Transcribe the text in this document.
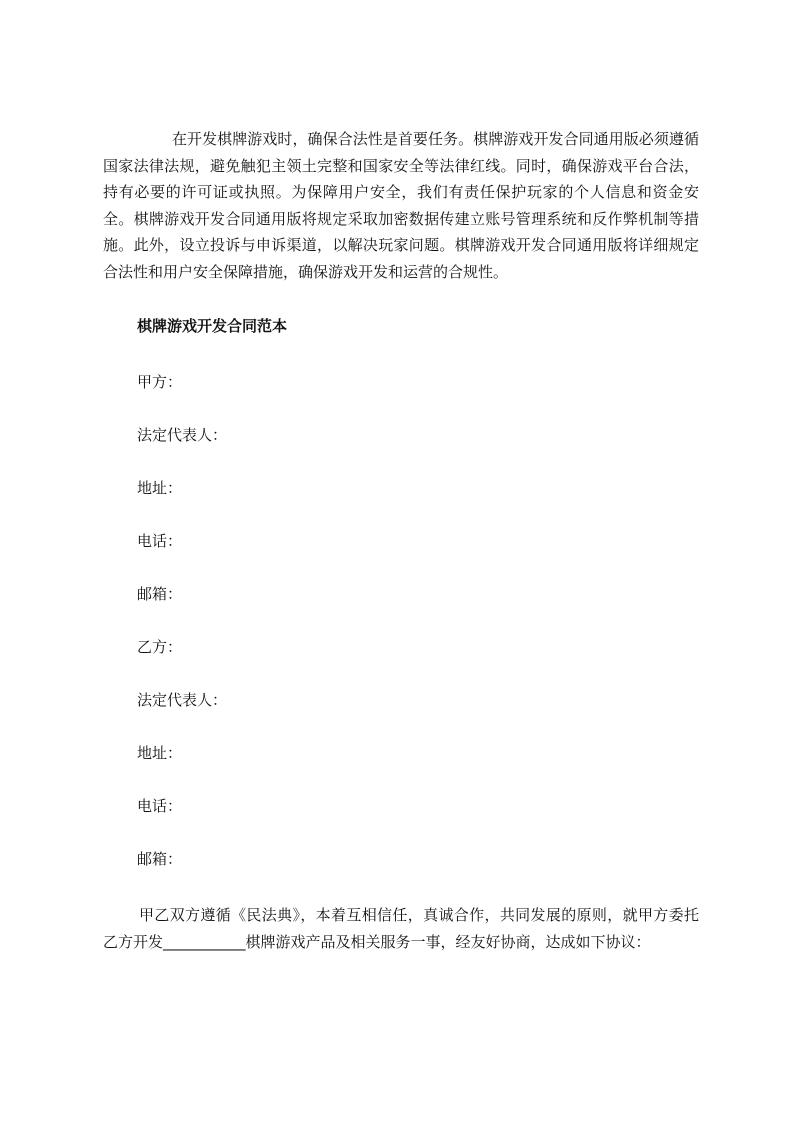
在开发棋牌游戏时，确保合法性是首要任务。棋牌游戏开发合同通用版必须遵循国家法律法规，避免触犯主领土完整和国家安全等法律红线。同时，确保游戏平台合法，持有必要的许可证或执照。为保障用户安全，我们有责任保护玩家的个人信息和资金安全。棋牌游戏开发合同通用版将规定采取加密数据传建立账号管理系统和反作弊机制等措施。此外，设立投诉与申诉渠道，以解决玩家问题。棋牌游戏开发合同通用版将详细规定合法性和用户安全保障措施，确保游戏开发和运营的合规性。

棋牌游戏开发合同范本

甲方：

法定代表人：

地址：

电话：

邮箱：

乙方：

法定代表人：

地址：

电话：

邮箱：

甲乙双方遵循《民法典》，本着互相信任，真诚合作，共同发展的原则，就甲方委托乙方开发___________棋牌游戏产品及相关服务一事，经友好协商，达成如下协议：
